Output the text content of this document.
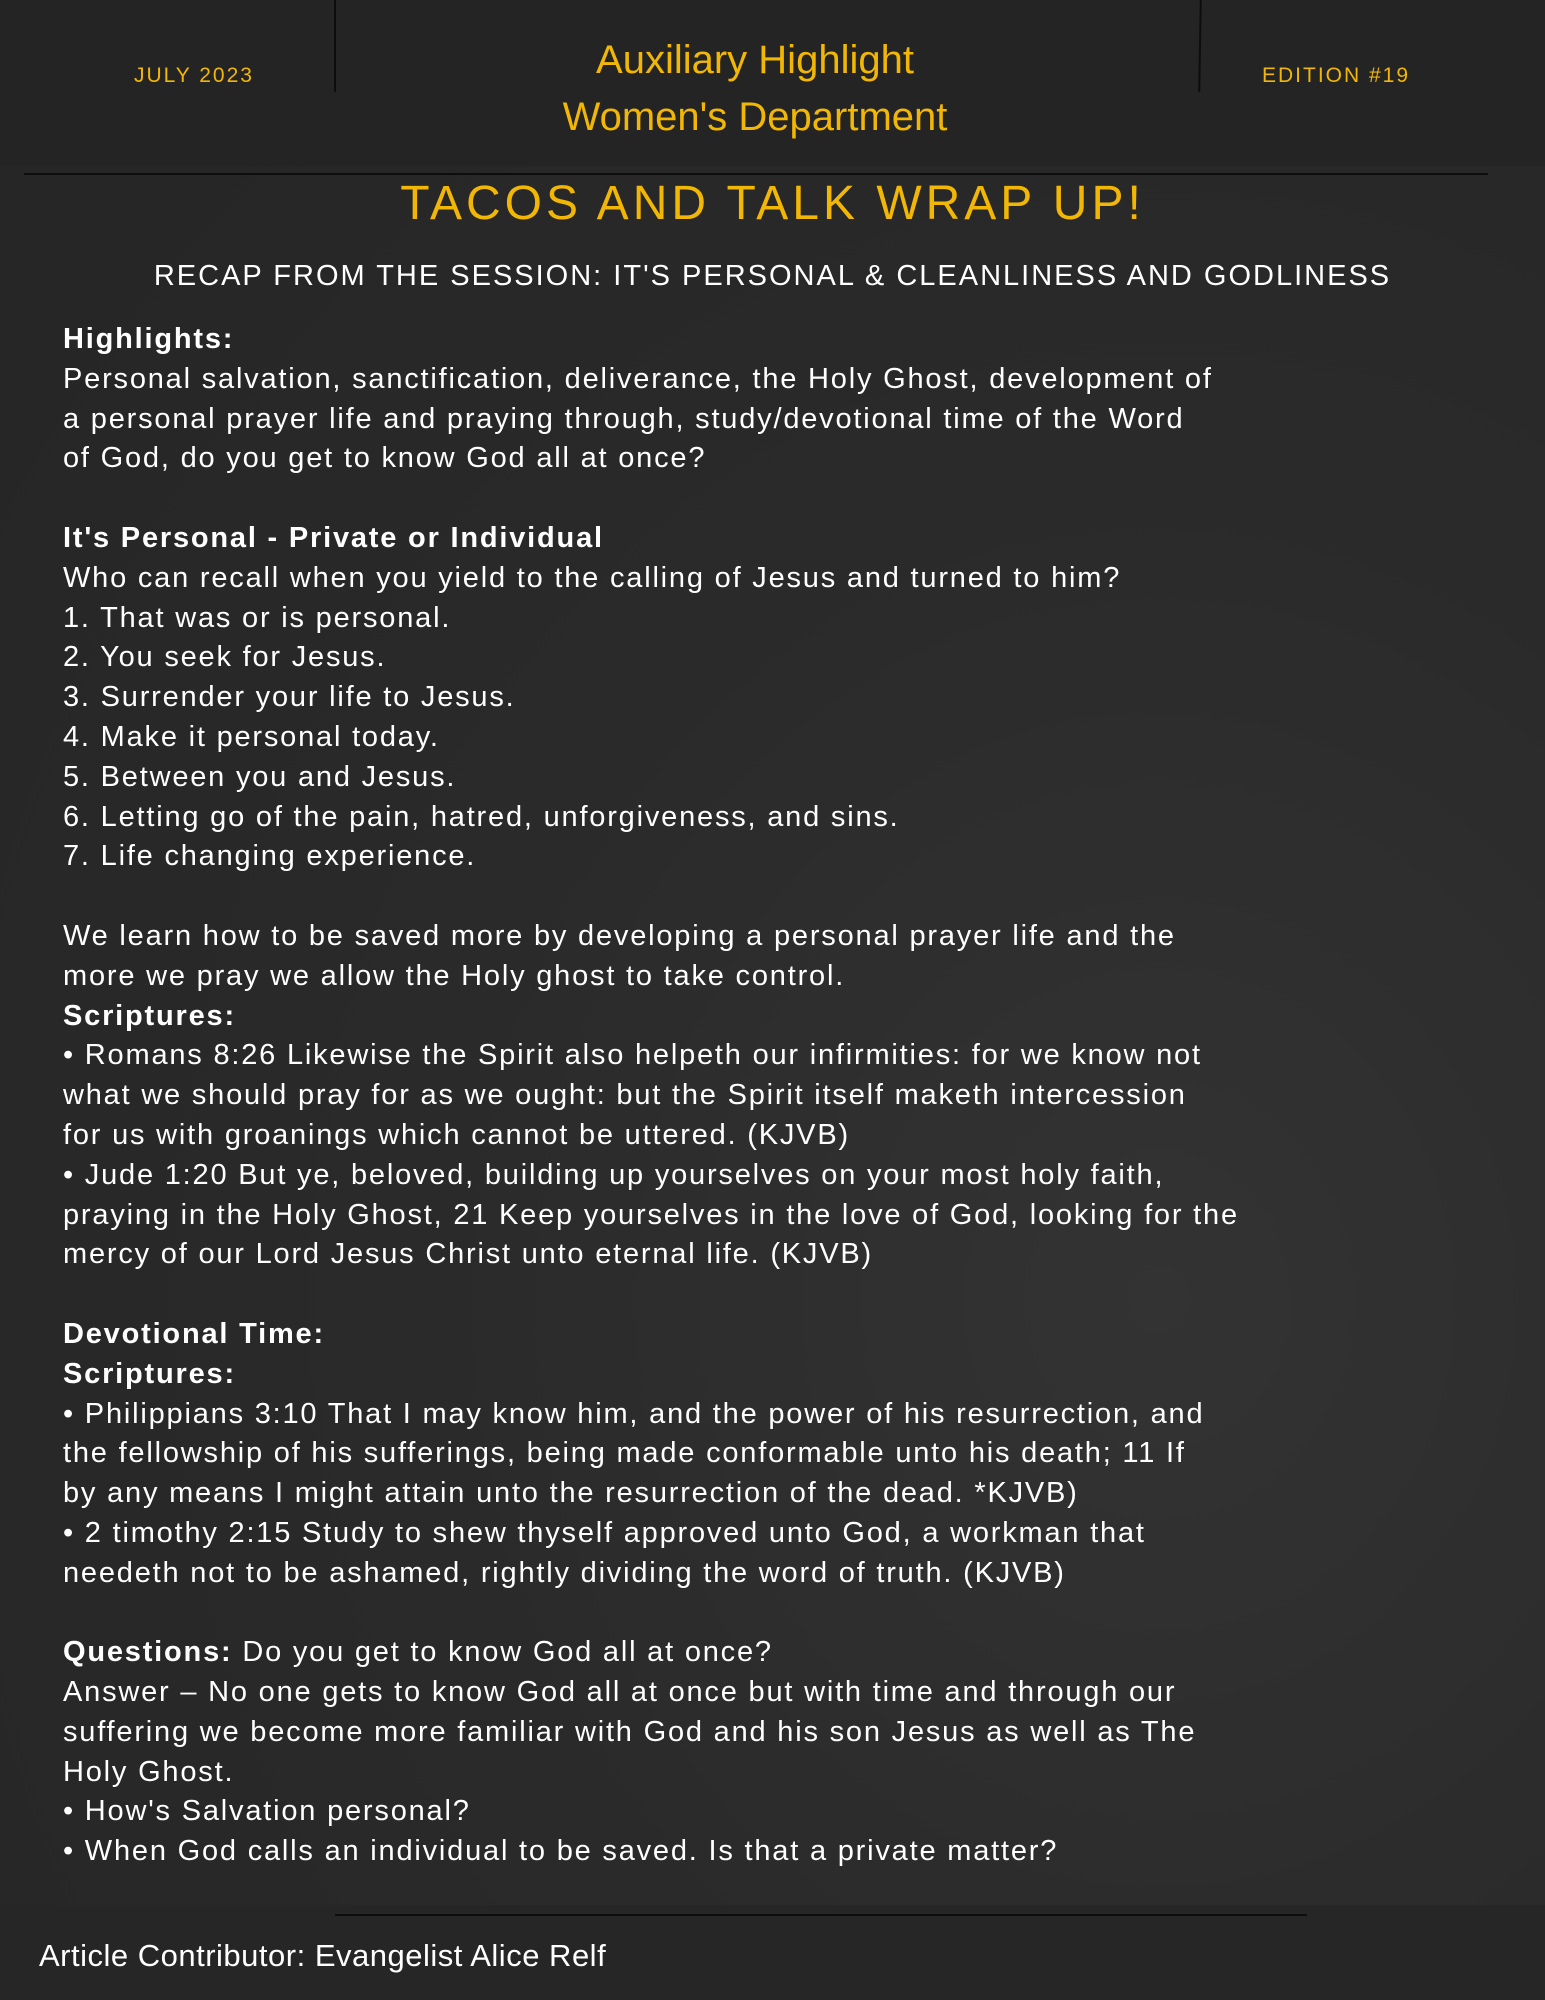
JULY 2023	Auxiliary Highlight
Women's Department
EDITION #19
TACOS AND TALK WRAP UP!
RECAP FROM THE SESSION: IT'S PERSONAL & CLEANLINESS AND GODLINESS
Highlights:
Personal salvation, sanctification, deliverance, the Holy Ghost, development of
a personal prayer life and praying through, study/devotional time of the Word
of God, do you get to know God all at once?
It's Personal - Private or Individual
Who can recall when you yield to the calling of Jesus and turned to him?
1. That was or is personal.
2. You seek for Jesus.
3. Surrender your life to Jesus.
4. Make it personal today.
5. Between you and Jesus.
6. Letting go of the pain, hatred, unforgiveness, and sins.
7. Life changing experience.
We learn how to be saved more by developing a personal prayer life and the
more we pray we allow the Holy ghost to take control.
Scriptures:
• Romans 8:26 Likewise the Spirit also helpeth our infirmities: for we know not
what we should pray for as we ought: but the Spirit itself maketh intercession
for us with groanings which cannot be uttered. (KJVB)
• Jude 1:20 But ye, beloved, building up yourselves on your most holy faith,
praying in the Holy Ghost, 21 Keep yourselves in the love of God, looking for the
mercy of our Lord Jesus Christ unto eternal life. (KJVB)
Devotional Time:
Scriptures:
• Philippians 3:10 That I may know him, and the power of his resurrection, and
the fellowship of his sufferings, being made conformable unto his death; 11 If
by any means I might attain unto the resurrection of the dead. *KJVB)
• 2 timothy 2:15 Study to shew thyself approved unto God, a workman that
needeth not to be ashamed, rightly dividing the word of truth. (KJVB)
Questions: Do you get to know God all at once?
Answer – No one gets to know God all at once but with time and through our
suffering we become more familiar with God and his son Jesus as well as The
Holy Ghost.
• How's Salvation personal?
• When God calls an individual to be saved. Is that a private matter?
Article Contributor: Evangelist Alice Relf
